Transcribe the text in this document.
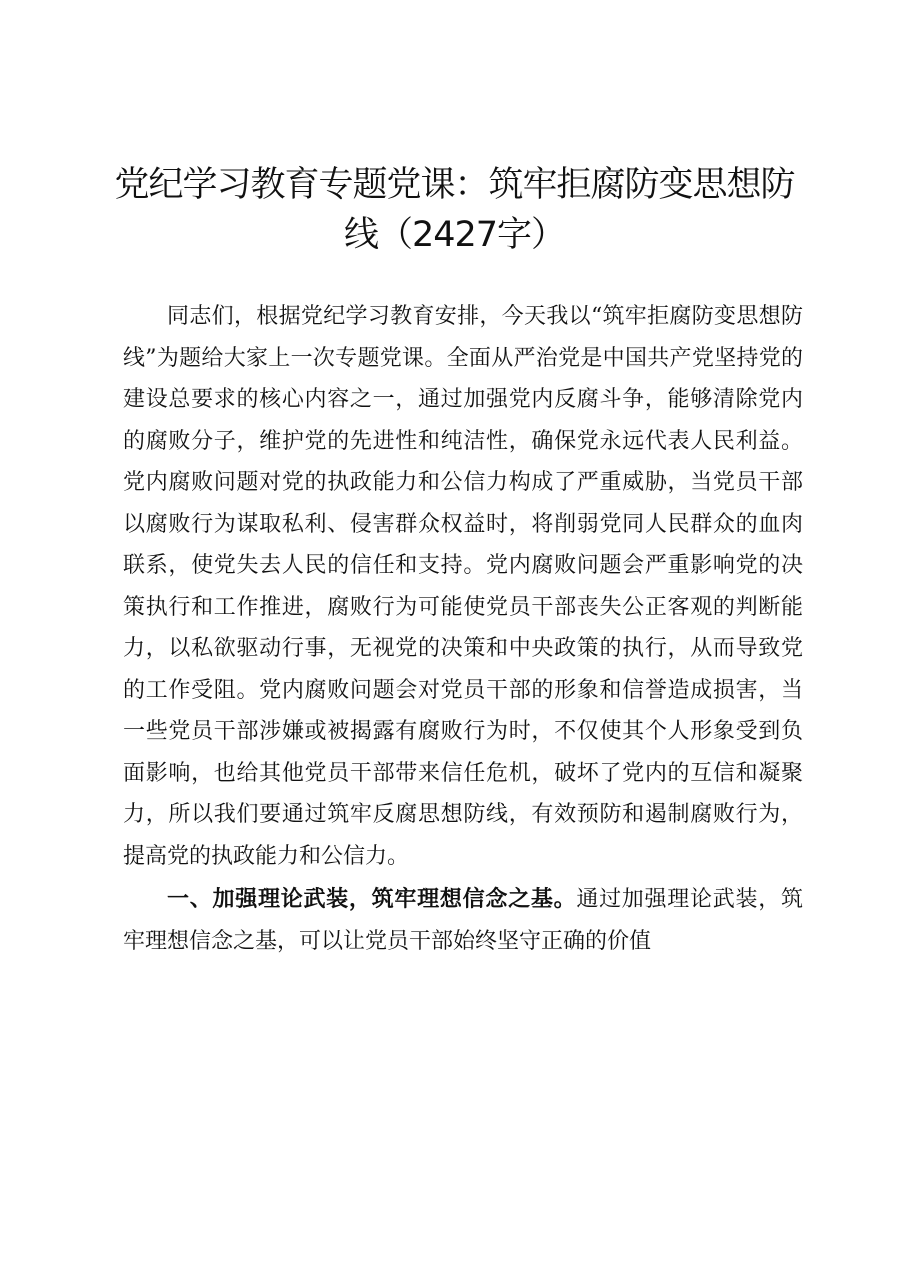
党纪学习教育专题党课：筑牢拒腐防变思想防
线（2427字）

同志们，根据党纪学习教育安排，今天我以“筑牢拒腐防变思想防线”为题给大家上一次专题党课。全面从严治党是中国共产党坚持党的建设总要求的核心内容之一，通过加强党内反腐斗争，能够清除党内的腐败分子，维护党的先进性和纯洁性，确保党永远代表人民利益。党内腐败问题对党的执政能力和公信力构成了严重威胁，当党员干部以腐败行为谋取私利、侵害群众权益时，将削弱党同人民群众的血肉联系，使党失去人民的信任和支持。党内腐败问题会严重影响党的决策执行和工作推进，腐败行为可能使党员干部丧失公正客观的判断能力，以私欲驱动行事，无视党的决策和中央政策的执行，从而导致党的工作受阻。党内腐败问题会对党员干部的形象和信誉造成损害，当一些党员干部涉嫌或被揭露有腐败行为时，不仅使其个人形象受到负面影响，也给其他党员干部带来信任危机，破坏了党内的互信和凝聚力，所以我们要通过筑牢反腐思想防线，有效预防和遏制腐败行为，提高党的执政能力和公信力。

一、加强理论武装，筑牢理想信念之基。通过加强理论武装，筑牢理想信念之基，可以让党员干部始终坚守正确的价值
